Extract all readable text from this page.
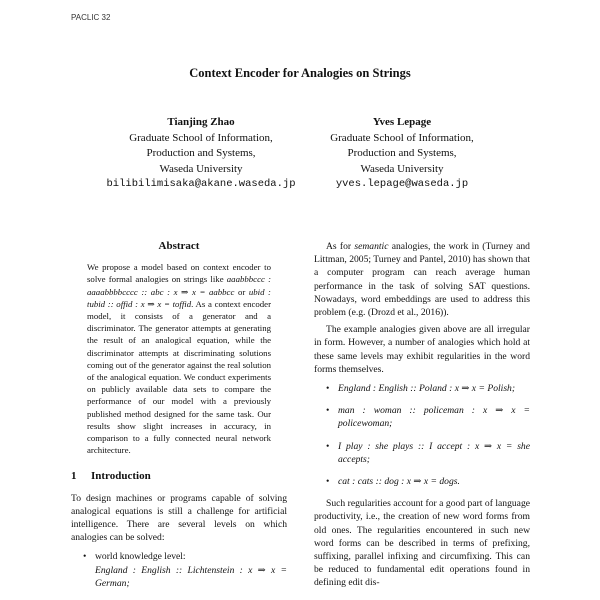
PACLIC 32
Context Encoder for Analogies on Strings
Tianjing Zhao
Graduate School of Information,
Production and Systems,
Waseda University
bilibilimisaka@akane.waseda.jp
Yves Lepage
Graduate School of Information,
Production and Systems,
Waseda University
yves.lepage@waseda.jp
Abstract
We propose a model based on context encoder to solve formal analogies on strings like aaabbbccc : aaaabbbbcccc :: abc : x ⇒ x = aabbcc or ubid : tubid :: offid : x ⇒ x = toffid. As a context encoder model, it consists of a generator and a discriminator. The generator attempts at generating the result of an analogical equation, while the discriminator attempts at discriminating solutions coming out of the generator against the real solution of the analogical equation. We conduct experiments on publicly available data sets to compare the performance of our model with a previously published method designed for the same task. Our results show slight increases in accuracy, in comparison to a fully connected neural network architecture.
1 Introduction

To design machines or programs capable of solving analogical equations is still a challenge for artificial intelligence. There are several levels on which analogies can be solved:

• world knowledge level:
England : English :: Lichtenstein : x ⇒ x = German;

As for semantic analogies, the work in (Turney and Littman, 2005; Turney and Pantel, 2010) has shown that a computer program can reach average human performance in the task of solving SAT questions. Nowadays, word embeddings are used to address this problem (e.g. (Drozd et al., 2016)).

The example analogies given above are all irregular in form. However, a number of analogies which hold at these same levels may exhibit regularities in the word forms themselves.

• England : English :: Poland : x ⇒ x = Polish;
• man : woman :: policeman : x ⇒ x = policewoman;
• I play : she plays :: I accept : x ⇒ x = she accepts;
• cat : cats :: dog : x ⇒ x = dogs.

Such regularities account for a good part of language productivity, i.e., the creation of new word forms from old ones. The regularities encountered in such new word forms can be described in terms of prefixing, suffixing, parallel infixing and circumfixing. This can be reduced to fundamental edit operations found in defining edit dis-
